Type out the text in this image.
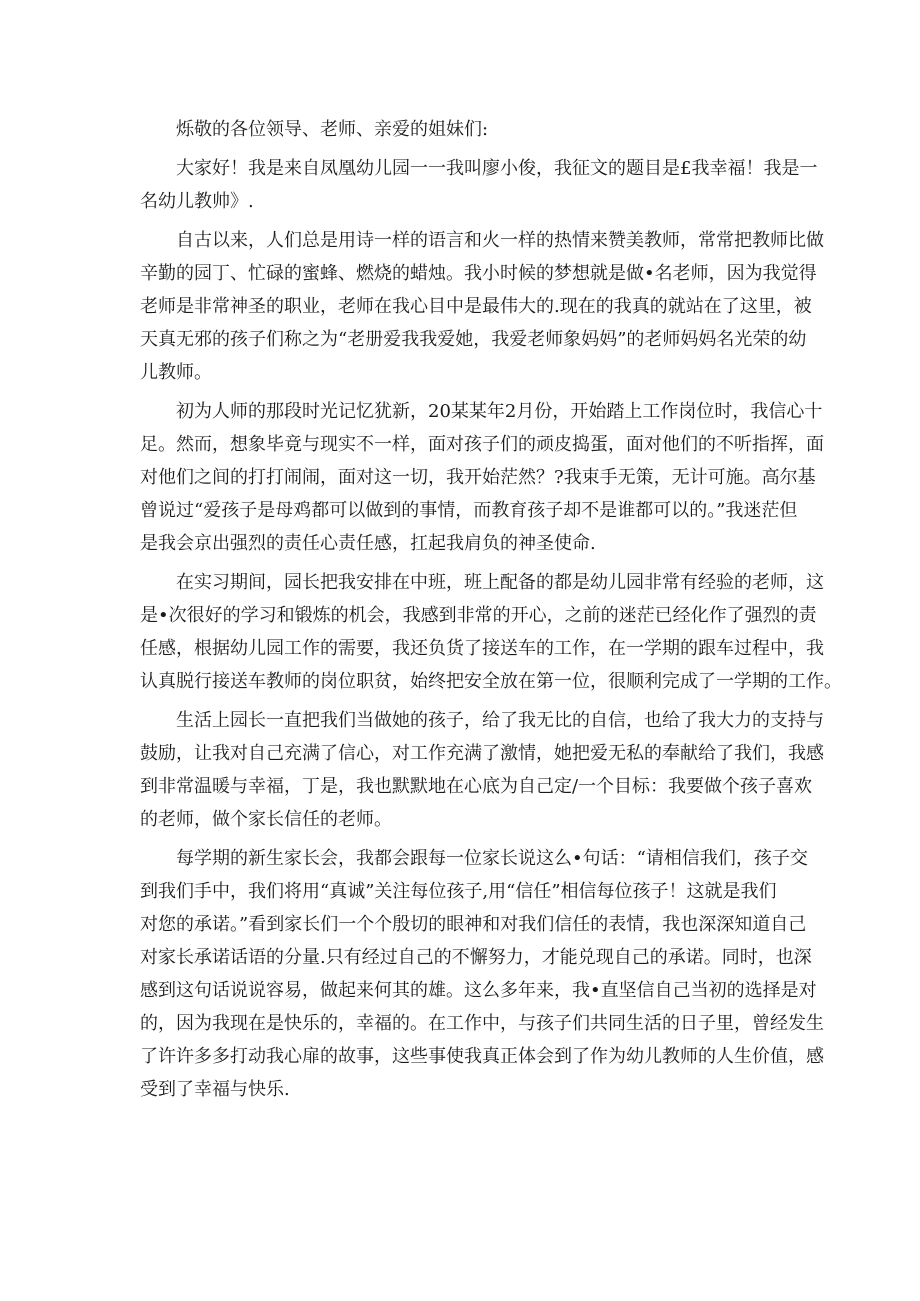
烁敬的各位领导、老师、亲爱的姐妹们:
大家好！我是来自凤凰幼儿园一一我叫廖小俊，我征文的题目是£我幸福！我是一
名幼儿教帅》.
自古以来，人们总是用诗一样的语言和火一样的热情来赞美教师，常常把教师比做
辛勤的园丁、忙碌的蜜蜂、燃烧的蜡烛。我小时候的梦想就是做•名老师，因为我觉得
老师是非常神圣的职业，老师在我心目中是最伟大的.现在的我真的就站在了这里，被
天真无邪的孩子们称之为“老册爱我我爱她，我爱老师象妈妈”的老师妈妈名光荣的幼
儿教师。
初为人师的那段时光记忆犹新，20某某年2月份，开始踏上工作岗位时，我信心十
足。然而，想象毕竟与现实不一样，面对孩子们的顽皮捣蛋，面对他们的不听指挥，面
对他们之间的打打闹闹，面对这一切，我开始茫然？?我束手无策，无计可施。高尔基
曾说过“爱孩子是母鸡都可以做到的事情，而教育孩子却不是谁都可以的。”我迷茫但
是我会京出强烈的责任心责任感，扛起我肩负的神圣使命.
在实习期间，园长把我安排在中班，班上配备的都是幼儿园非常有经验的老师，这
是•次很好的学习和锻炼的机会，我感到非常的开心，之前的迷茫已经化作了强烈的责
任感，根据幼儿园工作的需要，我还负货了接送车的工作，在一学期的跟车过程中，我
认真脱行接送车教师的岗位职贫，始终把安全放在第一位，很顺利完成了一学期的工作。
生活上园长一直把我们当做她的孩子，给了我无比的自信，也给了我大力的支持与
鼓励，让我对自己充满了信心，对工作充满了激情，她把爱无私的奉献给了我们，我感
到非常温暖与幸福，丁是，我也默默地在心底为自己定/一个目标：我要做个孩子喜欢
的老师，做个家长信任的老师。
每学期的新生家长会，我都会跟每一位家长说这么•句话：“请相信我们，孩子交
到我们手中，我们将用“真诚”关注每位孩子,用“信任”相信每位孩子！这就是我们
对您的承诺。”看到家长们一个个殷切的眼神和对我们信任的表情，我也深深知道自己
对家长承诺话语的分量.只有经过自己的不懈努力，才能兑现自己的承诺。同时，也深
感到这句话说说容易，做起来何其的雄。这么多年来，我•直坚信自己当初的选择是对
的，因为我现在是快乐的，幸福的。在工作中，与孩子们共同生活的日子里，曾经发生
了许许多多打动我心扉的故事，这些事使我真正体会到了作为幼儿教师的人生价值，感
受到了幸福与快乐.
